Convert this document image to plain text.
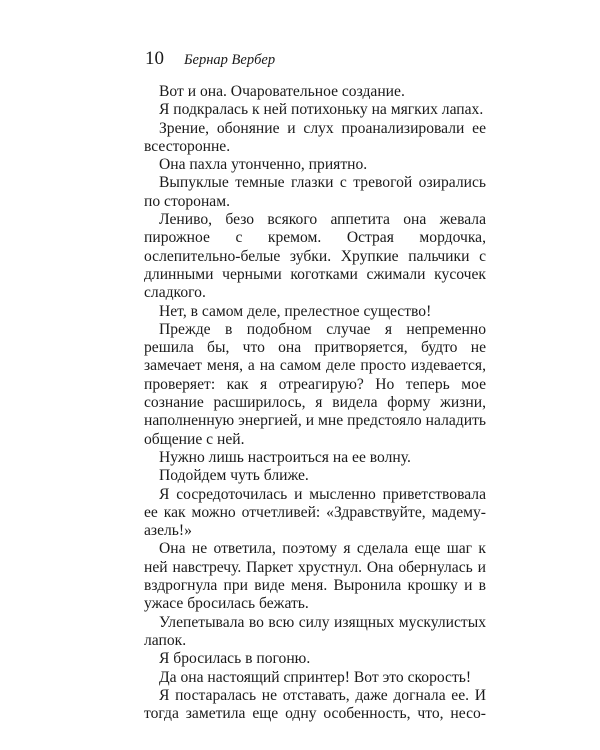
10 Бернар Вербер

Вот и она. Очаровательное создание.

Я подкралась к ней потихоньку на мягких лапах.

Зрение, обоняние и слух проанализировали ее всесторонне.

Она пахла утонченно, приятно.

Выпуклые темные глазки с тревогой озирались по сторонам.

Лениво, безо всякого аппетита она жевала пирожное с кремом. Острая мордочка, ослепительно-белые зубки. Хрупкие пальчики с длинными черными коготками сжимали кусочек сладкого.

Нет, в самом деле, прелестное существо!

Прежде в подобном случае я непременно решила бы, что она притворяется, будто не замечает меня, а на самом деле просто издевается, проверяет: как я отреагирую? Но теперь мое сознание расширилось, я видела форму жизни, наполненную энергией, и мне предстояло наладить общение с ней.

Нужно лишь настроиться на ее волну.

Подойдем чуть ближе.

Я сосредоточилась и мысленно приветствовала ее как можно отчетливей: «Здравствуйте, мадемуазель!»

Она не ответила, поэтому я сделала еще шаг к ней навстречу. Паркет хрустнул. Она обернулась и вздрогнула при виде меня. Выронила крошку и в ужасе бросилась бежать.

Улепетывала во всю силу изящных мускулистых лапок.

Я бросилась в погоню.

Да она настоящий спринтер! Вот это скорость!

Я постаралась не отставать, даже догнала ее. И тогда заметила еще одну особенность, что, несо-
